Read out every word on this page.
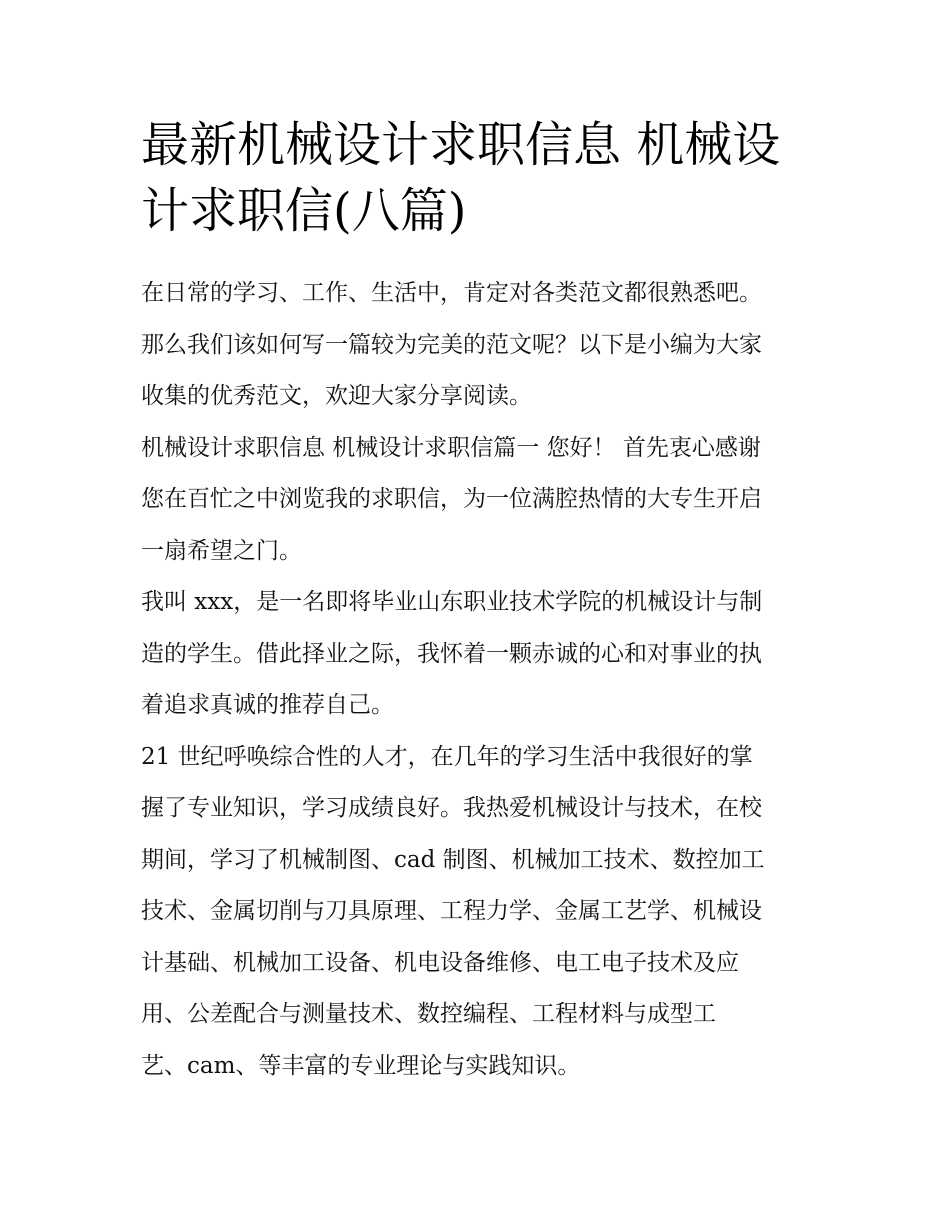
最新机械设计求职信息 机械设
计求职信(八篇)

在日常的学习、工作、生活中，肯定对各类范文都很熟悉吧。
那么我们该如何写一篇较为完美的范文呢？以下是小编为大家
收集的优秀范文，欢迎大家分享阅读。

机械设计求职信息 机械设计求职信篇一 您好！ 首先衷心感谢
您在百忙之中浏览我的求职信，为一位满腔热情的大专生开启
一扇希望之门。

我叫 xxx，是一名即将毕业山东职业技术学院的机械设计与制
造的学生。借此择业之际，我怀着一颗赤诚的心和对事业的执
着追求真诚的推荐自己。

21 世纪呼唤综合性的人才，在几年的学习生活中我很好的掌
握了专业知识，学习成绩良好。我热爱机械设计与技术，在校
期间，学习了机械制图、cad 制图、机械加工技术、数控加工
技术、金属切削与刀具原理、工程力学、金属工艺学、机械设
计基础、机械加工设备、机电设备维修、电工电子技术及应
用、公差配合与测量技术、数控编程、工程材料与成型工
艺、cam、等丰富的专业理论与实践知识。
